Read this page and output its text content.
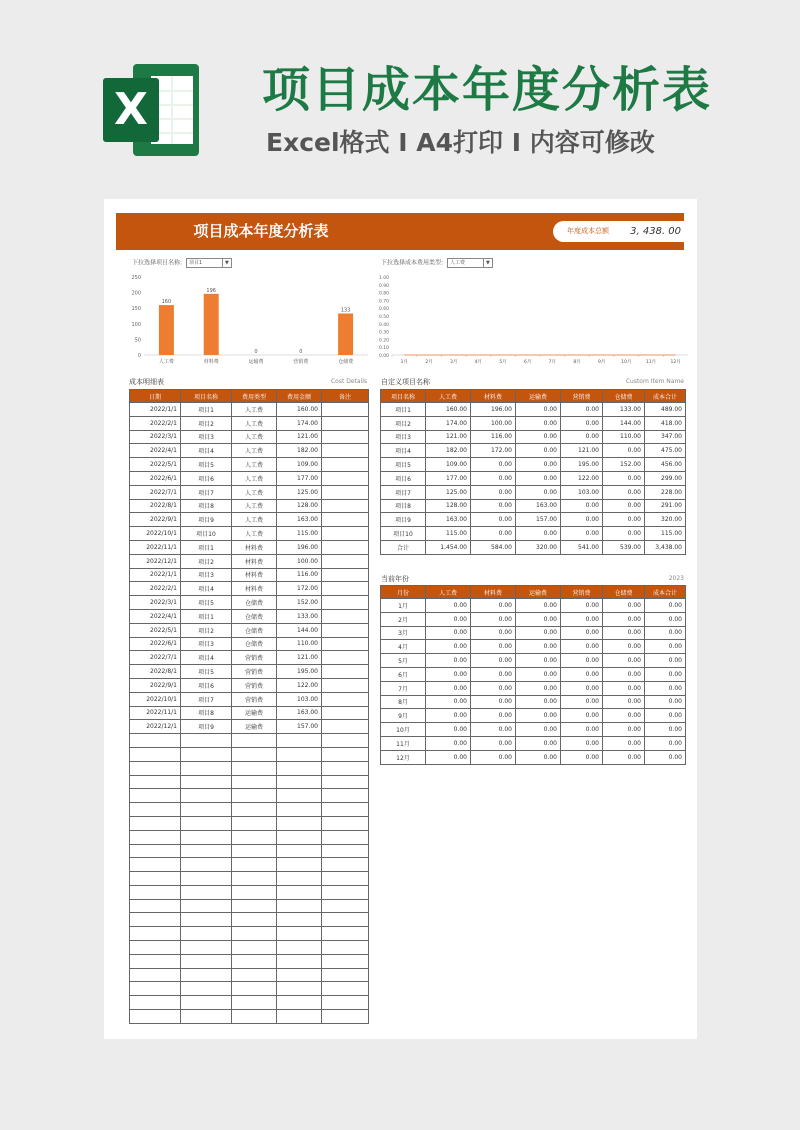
X 项目成本年度分析表
Excel格式 I A4打印 I 内容可修改
项目成本年度分析表	年度成本总额 3, 438. 00
下拉选择项目名称: 项目1	▼	下拉选择成本费用类型: 人工费	▼
0
50
100
150
200
250
160
人工费
196
材料费
0
运输费
0
营销费
133
仓储费
0.00
0.10
0.20
0.30
0.40
0.50
0.60
0.70
0.80
0.90
1.00
1月	2月	3月	4月	5月	6月	7月	8月	9月	10月	11月	12月
成本明细表	Cost Details 自定义项目名称	Custom Item Name
当前年份	2023
日期	项目名称	费用类型	费用金额	备注
2022/1/1	项目1	人工费	160.00	
2022/2/1	项目2	人工费	174.00	
2022/3/1	项目3	人工费	121.00	
2022/4/1	项目4	人工费	182.00	
2022/5/1	项目5	人工费	109.00	
2022/6/1	项目6	人工费	177.00	
2022/7/1	项目7	人工费	125.00	
2022/8/1	项目8	人工费	128.00	
2022/9/1	项目9	人工费	163.00	
2022/10/1	项目10	人工费	115.00	
2022/11/1	项目1	材料费	196.00	
2022/12/1	项目2	材料费	100.00	
2022/1/1	项目3	材料费	116.00	
2022/2/1	项目4	材料费	172.00	
2022/3/1	项目5	仓储费	152.00	
2022/4/1	项目1	仓储费	133.00	
2022/5/1	项目2	仓储费	144.00	
2022/6/1	项目3	仓储费	110.00	
2022/7/1	项目4	营销费	121.00	
2022/8/1	项目5	营销费	195.00	
2022/9/1	项目6	营销费	122.00	
2022/10/1	项目7	营销费	103.00	
2022/11/1	项目8	运输费	163.00	
2022/12/1	项目9	运输费	157.00	

项目名称	人工费	材料费	运输费	营销费	仓储费	成本合计
项目1	160.00	196.00	0.00	0.00	133.00	489.00
项目2	174.00	100.00	0.00	0.00	144.00	418.00
项目3	121.00	116.00	0.00	0.00	110.00	347.00
项目4	182.00	172.00	0.00	121.00	0.00	475.00
项目5	109.00	0.00	0.00	195.00	152.00	456.00
项目6	177.00	0.00	0.00	122.00	0.00	299.00
项目7	125.00	0.00	0.00	103.00	0.00	228.00
项目8	128.00	0.00	163.00	0.00	0.00	291.00
项目9	163.00	0.00	157.00	0.00	0.00	320.00
项目10	115.00	0.00	0.00	0.00	0.00	115.00
合计	1,454.00	584.00	320.00	541.00	539.00	3,438.00
月份	人工费	材料费	运输费	营销费	仓储费	成本合计
1月	0.00	0.00	0.00	0.00	0.00	0.00
2月	0.00	0.00	0.00	0.00	0.00	0.00
3月	0.00	0.00	0.00	0.00	0.00	0.00
4月	0.00	0.00	0.00	0.00	0.00	0.00
5月	0.00	0.00	0.00	0.00	0.00	0.00
6月	0.00	0.00	0.00	0.00	0.00	0.00
7月	0.00	0.00	0.00	0.00	0.00	0.00
8月	0.00	0.00	0.00	0.00	0.00	0.00
9月	0.00	0.00	0.00	0.00	0.00	0.00
10月	0.00	0.00	0.00	0.00	0.00	0.00
11月	0.00	0.00	0.00	0.00	0.00	0.00
12月	0.00	0.00	0.00	0.00	0.00	0.00
